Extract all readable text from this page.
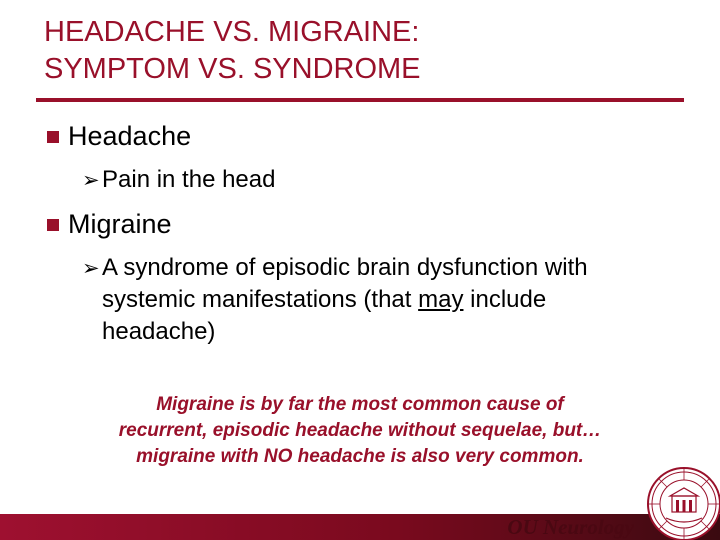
HEADACHE VS. MIGRAINE:
SYMPTOM VS. SYNDROME
Headache
➢ Pain in the head
Migraine
➢ A syndrome of episodic brain dysfunction with
systemic manifestations (that may include
headache)
Migraine is by far the most common cause of
recurrent, episodic headache without sequelae, but…
migraine with NO headache is also very common.
OU Neurology
